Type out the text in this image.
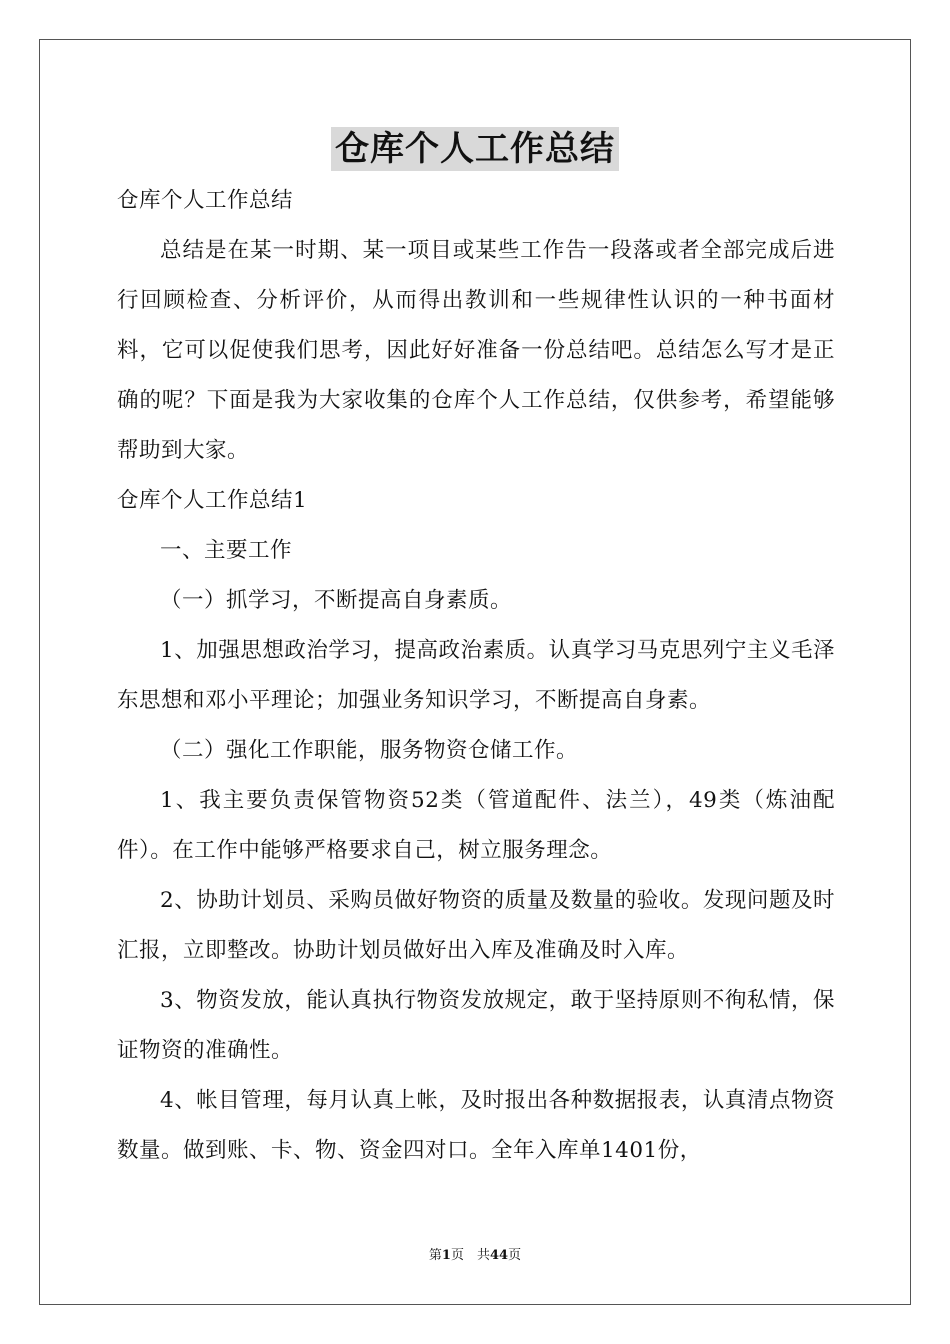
仓库个人工作总结

仓库个人工作总结

总结是在某一时期、某一项目或某些工作告一段落或者全部完成后进行回顾检查、分析评价，从而得出教训和一些规律性认识的一种书面材料，它可以促使我们思考，因此好好准备一份总结吧。总结怎么写才是正确的呢？下面是我为大家收集的仓库个人工作总结，仅供参考，希望能够帮助到大家。

仓库个人工作总结1

一、主要工作

（一）抓学习，不断提高自身素质。

1、加强思想政治学习，提高政治素质。认真学习马克思列宁主义毛泽东思想和邓小平理论；加强业务知识学习，不断提高自身素。

（二）强化工作职能，服务物资仓储工作。

1、我主要负责保管物资52类（管道配件、法兰），49类（炼油配件）。在工作中能够严格要求自己，树立服务理念。

2、协助计划员、采购员做好物资的质量及数量的验收。发现问题及时汇报，立即整改。协助计划员做好出入库及准确及时入库。

3、物资发放，能认真执行物资发放规定，敢于坚持原则不徇私情，保证物资的准确性。

4、帐目管理，每月认真上帐，及时报出各种数据报表，认真清点物资数量。做到账、卡、物、资金四对口。全年入库单1401份，

第1页　共44页
